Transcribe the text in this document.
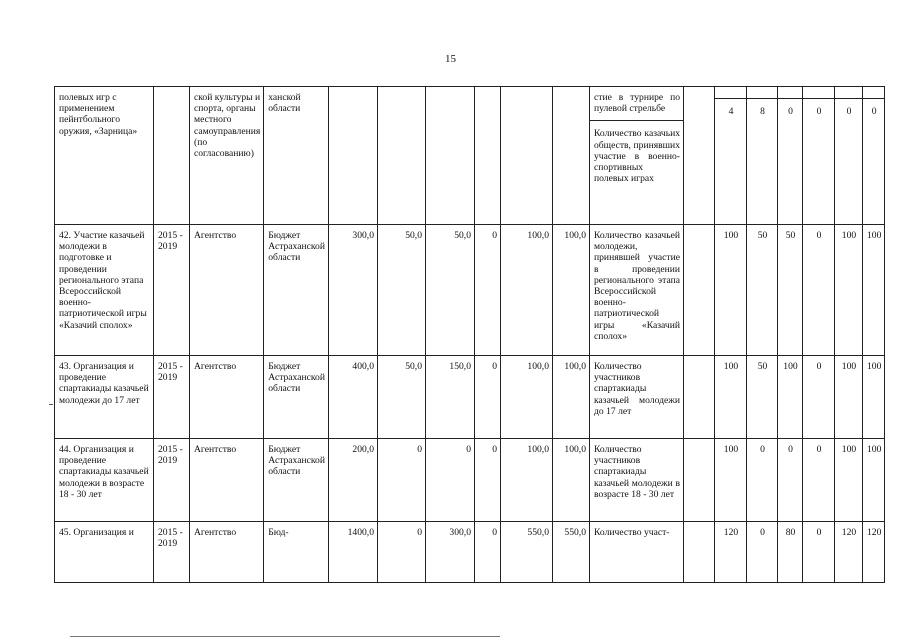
15
полевых игр с применением пейнтбольного оружия, «Зарница»		ской культуры и спорта, органы местного самоуправления (по согласованию)	ханской области							стие в турнире по пулевой стрельбе
Количество казачьих обществ, принявших участие в военно-спортивных полевых играх		4	8	0	0	0	0

42. Участие казачьей молодежи в подготовке и проведении регионального этапа Всероссийской военно-патриотической игры «Казачий сполох»	2015 - 2019	Агентство	Бюджет Астраханской области	300,0	50,0	50,0	0	100,0	100,0	Количество казачьей молодежи, принявшей участие в проведении регионального этапа Всероссийской военно-патриотической игры «Казачий сполох»		100	50	50	0	100	100
43. Организация и проведение спартакиады казачьей молодежи до 17 лет	2015 - 2019	Агентство	Бюджет Астраханской области	400,0	50,0	150,0	0	100,0	100,0	Количество участников спартакиады казачьей молодежи до 17 лет		100	50	100	0	100	100
44. Организация и проведение спартакиады казачьей молодежи в возрасте 18 - 30 лет	2015 - 2019	Агентство	Бюджет Астраханской области	200,0	0	0	0	100,0	100,0	Количество участников спартакиады казачьей молодежи в возрасте 18 - 30 лет		100	0	0	0	100	100
45. Организация и	2015 - 2019	Агентство	Бюд-	1400,0	0	300,0	0	550,0	550,0	Количество участ-		120	0	80	0	120	120
